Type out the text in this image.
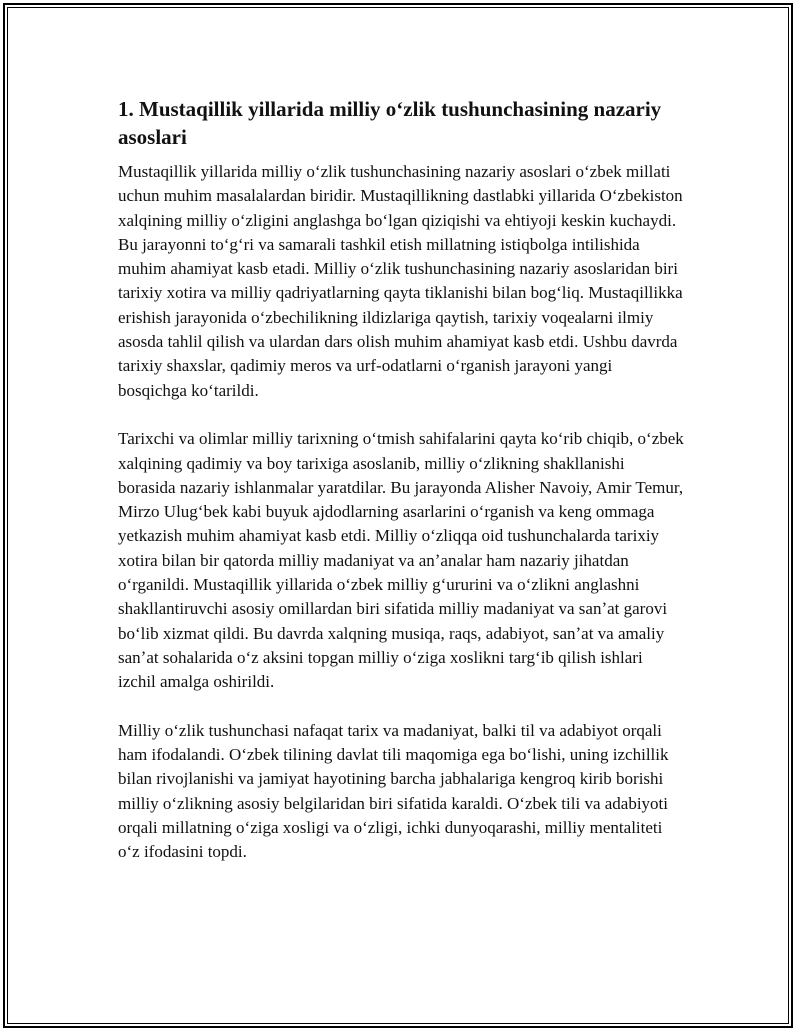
1. Mustaqillik yillarida milliy oʻzlik tushunchasining nazariy asoslari

Mustaqillik yillarida milliy oʻzlik tushunchasining nazariy asoslari oʻzbek millati uchun muhim masalalardan biridir. Mustaqillikning dastlabki yillarida Oʻzbekiston xalqining milliy oʻzligini anglashga boʻlgan qiziqishi va ehtiyoji keskin kuchaydi. Bu jarayonni toʻgʻri va samarali tashkil etish millatning istiqbolga intilishida muhim ahamiyat kasb etadi. Milliy oʻzlik tushunchasining nazariy asoslaridan biri tarixiy xotira va milliy qadriyatlarning qayta tiklanishi bilan bogʻliq. Mustaqillikka erishish jarayonida oʻzbechilikning ildizlariga qaytish, tarixiy voqealarni ilmiy asosda tahlil qilish va ulardan dars olish muhim ahamiyat kasb etdi. Ushbu davrda tarixiy shaxslar, qadimiy meros va urf-odatlarni oʻrganish jarayoni yangi bosqichga koʻtarildi.

Tarixchi va olimlar milliy tarixning oʻtmish sahifalarini qayta koʻrib chiqib, oʻzbek xalqining qadimiy va boy tarixiga asoslanib, milliy oʻzlikning shakllanishi borasida nazariy ishlanmalar yaratdilar. Bu jarayonda Alisher Navoiy, Amir Temur, Mirzo Ulugʻbek kabi buyuk ajdodlarning asarlarini oʻrganish va keng ommaga yetkazish muhim ahamiyat kasb etdi. Milliy oʻzliqqa oid tushunchalarda tarixiy xotira bilan bir qatorda milliy madaniyat va anʼanalar ham nazariy jihatdan oʻrganildi. Mustaqillik yillarida oʻzbek milliy gʻururini va oʻzlikni anglashni shakllantiruvchi asosiy omillardan biri sifatida milliy madaniyat va sanʼat garovi boʻlib xizmat qildi. Bu davrda xalqning musiqa, raqs, adabiyot, sanʼat va amaliy sanʼat sohalarida oʻz aksini topgan milliy oʻziga xoslikni targʻib qilish ishlari izchil amalga oshirildi.

Milliy oʻzlik tushunchasi nafaqat tarix va madaniyat, balki til va adabiyot orqali ham ifodalandi. Oʻzbek tilining davlat tili maqomiga ega boʻlishi, uning izchillik bilan rivojlanishi va jamiyat hayotining barcha jabhalariga kengroq kirib borishi milliy oʻzlikning asosiy belgilaridan biri sifatida karaldi. Oʻzbek tili va adabiyoti orqali millatning oʻziga xosligi va oʻzligi, ichki dunyoqarashi, milliy mentaliteti oʻz ifodasini topdi.
